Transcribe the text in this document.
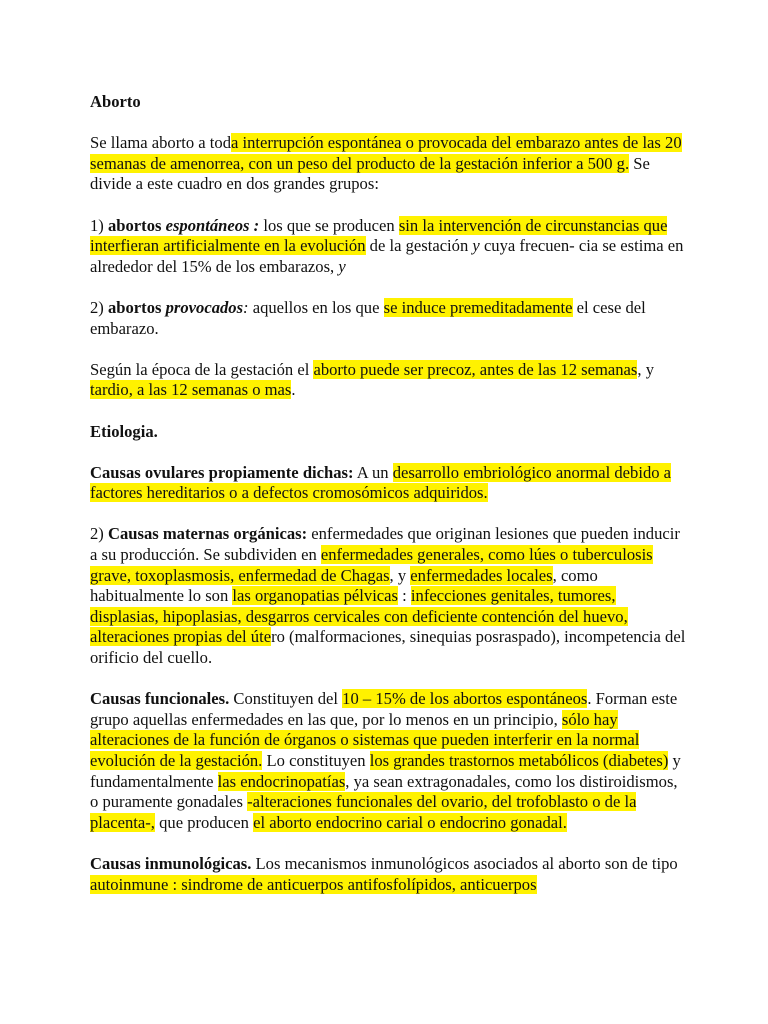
Aborto

Se llama aborto a toda interrupción espontánea o provocada del embarazo antes de las 20 semanas de amenorrea, con un peso del producto de la gestación inferior a 500 g. Se divide a este cuadro en dos grandes grupos:

1) abortos espontáneos : los que se producen sin la intervención de circunstancias que interfieran artificialmente en la evolución de la gestación y cuya frecuen- cia se estima en alrededor del 15% de los embarazos, y

2) abortos provocados: aquellos en los que se induce premeditadamente el cese del embarazo.

Según la época de la gestación el aborto puede ser precoz, antes de las 12 semanas, y tardio, a las 12 semanas o mas.

Etiologia.

Causas ovulares propiamente dichas: A un desarrollo embriológico anormal debido a factores hereditarios o a defectos cromosómicos adquiridos.

2) Causas maternas orgánicas: enfermedades que originan lesiones que pueden inducir a su producción. Se subdividen en enfermedades generales, como lúes o tuberculosis grave, toxoplasmosis, enfermedad de Chagas, y enfermedades locales, como habitualmente lo son las organopatias pélvicas : infecciones genitales, tumores, displasias, hipoplasias, desgarros cervicales con deficiente contención del huevo, alteraciones propias del útero (malformaciones, sinequias posraspado), incompetencia del orificio del cuello.

Causas funcionales. Constituyen del 10 – 15% de los abortos espontáneos. Forman este grupo aquellas enfermedades en las que, por lo menos en un principio, sólo hay alteraciones de la función de órganos o sistemas que pueden interferir en la normal evolución de la gestación. Lo constituyen los grandes trastornos metabólicos (diabetes) y fundamentalmente las endocrinopatías, ya sean extragonadales, como los distiroidismos, o puramente gonadales -alteraciones funcionales del ovario, del trofoblasto o de la placenta-, que producen el aborto endocrino carial o endocrino gonadal.

Causas inmunológicas. Los mecanismos inmunológicos asociados al aborto son de tipo autoinmune : sindrome de anticuerpos antifosfolípidos, anticuerpos
